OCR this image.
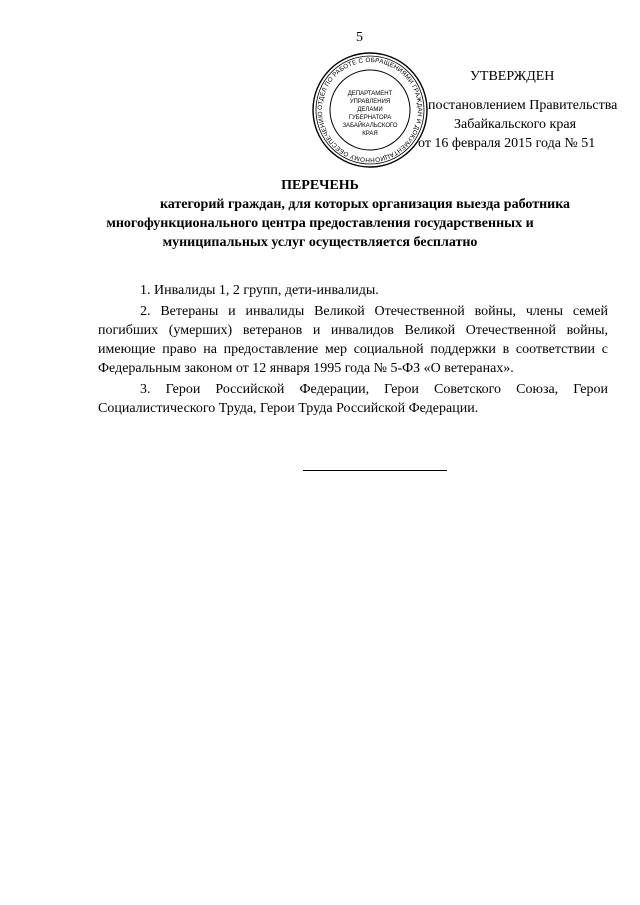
5
ОТДЕЛ ПО РАБОТЕ С ОБРАЩЕНИЯМИ ГРАЖДАН И ДОКУМЕНТАЦИОННОМУ ОБЕСПЕЧЕНИЮ
ДЕПАРТАМЕНТ
УПРАВЛЕНИЯ
ДЕЛАМИ
ГУБЕРНАТОРА
ЗАБАЙКАЛЬСКОГО
КРАЯ
УТВЕРЖДЕН
постановлением Правительства
Забайкальского края
от 16 февраля 2015 года № 51
ПЕРЕЧЕНЬ
категорий граждан, для которых организация выезда работника
многофункционального центра предоставления государственных и
муниципальных услуг осуществляется бесплатно

1. Инвалиды 1, 2 групп, дети-инвалиды.

2. Ветераны и инвалиды Великой Отечественной войны, члены семей погибших (умерших) ветеранов и инвалидов Великой Отечественной войны, имеющие право на предоставление мер социальной поддержки в соответствии с Федеральным законом от 12 января 1995 года № 5-ФЗ «О ветеранах».

3. Герои Российской Федерации, Герои Советского Союза, Герои Социалистического Труда, Герои Труда Российской Федерации.
